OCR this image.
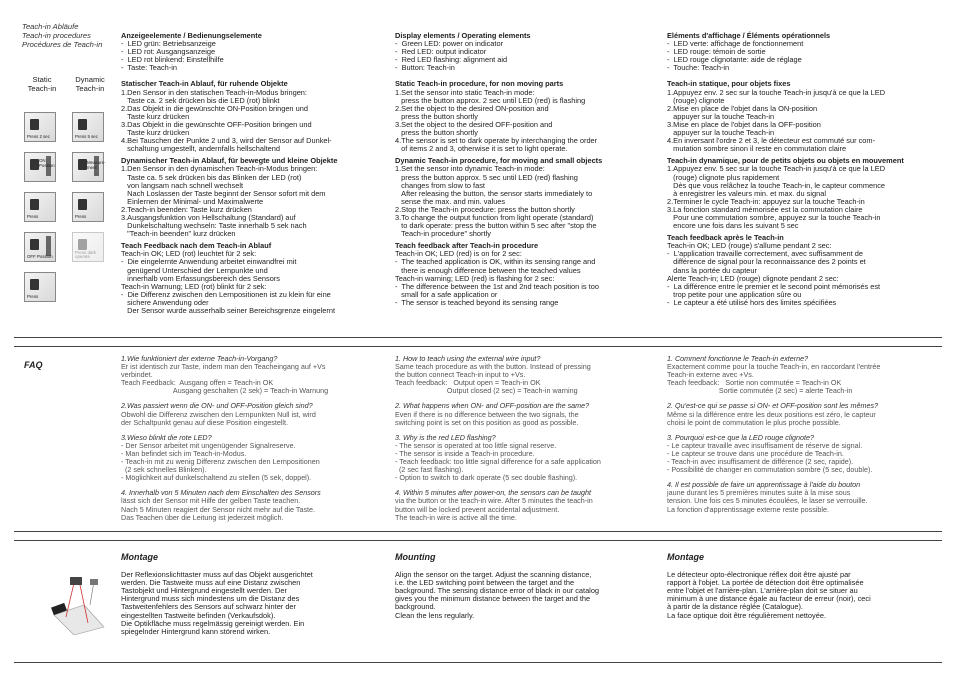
Teach-in Abläufe
Teach-in procedures
Procédures de Teach-in
Static Teach-in
Dynamic Teach-in
Press 2 sec
ON Position
Press
OFF Position
Press
Press 5 sec
Measure-ment
Press
Press dark operate
Anzeigeelemente / Bedienungselemente
-  LED grün: Betriebsanzeige
-  LED rot: Ausgangsanzeige
-  LED rot blinkend: Einstellhilfe
-  Taste: Teach-in
Statischer Teach-in Ablauf, für ruhende Objekte

1.Den Sensor in den statischen Teach-in-Modus bringen:
Taste ca. 2 sek drücken bis die LED (rot) blinkt
2.Das Objekt in die gewünschte ON-Position bringen und
Taste kurz drücken
3.Das Objekt in die gewünschte OFF-Position bringen und
Taste kurz drücken
4.Bei Tauschen der Punkte 2 und 3, wird der Sensor auf Dunkel-
schaltung umgestellt, andernfalls hellschaltend

Dynamischer Teach-in Ablauf, für bewegte und kleine Objekte

1.Den Sensor in den dynamischen Teach-in-Modus bringen:
Taste ca. 5 sek drücken bis das Blinken der LED (rot)
von langsam nach schnell wechselt
Nach Loslassen der Taste beginnt der Sensor sofort mit dem
Einlernen der Minimal- und Maximalwerte
2.Teach-in beenden: Taste kurz drücken
3.Ausgangsfunktion von Hellschaltung (Standard) auf
Dunkelschaltung wechseln: Taste innerhalb 5 sek nach
"Teach-in beenden" kurz drücken

Teach Feedback nach dem Teach-in Ablauf

Teach-in OK; LED (rot) leuchtet für 2 sek:
-  Die eingelernte Anwendung arbeitet einwandfrei mit
genügend Unterschied der Lernpunkte und
innerhalb vom Erfassungsbereich des Sensors
Teach-in Warnung; LED (rot) blinkt für 2 sek:
-  Die Differenz zwischen den Lernpositionen ist zu klein für eine
sichere Anwendung oder
Der Sensor wurde ausserhalb seiner Bereichsgrenze eingelernt

Display elements / Operating elements
-  Green LED: power on indicator
-  Red LED: output indicator
-  Red LED flashing: alignment aid
-  Button: Teach-in
Static Teach-in procedure, for non moving parts

1.Set the sensor into static Teach-in mode:
press the button approx. 2 sec until LED (red) is flashing
2.Set the object to the desired ON-position and
press the button shortly
3.Set the object to the desired OFF-position and
press the button shortly
4.The sensor is set to dark operate by interchanging the order
of items 2 and 3, otherwise it is set to light operate.

Dynamic Teach-in procedure, for moving and small objects

1.Set the sensor into dynamic Teach-in mode:
press the button approx. 5 sec until LED (red) flashing
changes from slow to fast
After releasing the button, the sensor starts immediately to
sense the max. and min. values
2.Stop the Teach-in procedure: press the button shortly
3.To change the output function from light operate (standard)
to dark operate: press the button within 5 sec after "stop the
Teach-in procedure" shortly

Teach feedback after Teach-in procedure

Teach-in OK; LED (red) is on for 2 sec:
-  The teached application is OK, within its sensing range and
there is enough difference between the teached values
Teach-in warning; LED (red) is flashing for 2 sec:
-  The difference between the 1st and 2nd teach position is too
small for a safe application or
-  The sensor is teached beyond its sensing range

Eléments d'affichage / Éléments opérationnels
-  LED verte: affichage de fonctionnement
-  LED rouge: témoin de sortie
-  LED rouge clignotante: aide de réglage
-  Touche: Teach-in
Teach-in statique, pour objets fixes

1.Appuyez env. 2 sec sur la touche Teach-in jusqu'à ce que la LED
(rouge) clignote
2.Mise en place de l'objet dans la ON-position
appuyer sur la touche Teach-in
3.Mise en place de l'objet dans la OFF-position
appuyer sur la touche Teach-in
4.En inversant l'ordre 2 et 3, le détecteur est commuté sur com-
mutation sombre sinon il reste en commutation claire

Teach-in dynamique, pour de petits objets ou objets en mouvement

1.Appuyez env. 5 sec sur la touche Teach-in jusqu'à ce que la LED
(rouge) clignote plus rapidement
Dès que vous relâchez la touche Teach-in, le capteur commence
à enregistrer les valeurs min. et max. du signal
2.Terminer le cycle Teach-in: appuyez sur la touche Teach-in
3.La fonction standard mémorisée est la commutation claire
Pour une commutation sombre, appuyez sur la touche Teach-in
encore une fois dans les suivant 5 sec

Teach feedback après le Teach-in

Teach-in OK; LED (rouge) s'allume pendant 2 sec:
-  L'application travaille correctement, avec suffisamment de
différence de signal pour la reconnaissance des 2 points et
dans la portée du capteur
Alerte Teach-in; LED (rouge) clignote pendant 2 sec:
-  La différence entre le premier et le second point mémorisés est
trop petite pour une application sûre ou
-  Le capteur a été utilisé hors des limites spécifiées

FAQ
1.Wie funktioniert der externe Teach-in-Vorgang?

Er ist identisch zur Taste, indem man den Teacheingang auf +Vs
verbindet.
Teach Feedback:  Ausgang offen = Teach-in OK
Ausgang geschalten (2 sek) = Teach-in Warnung

2.Was passiert wenn die ON- und OFF-Position gleich sind?

Obwohl die Differenz zwischen den Lernpunkten Null ist, wird
der Schaltpunkt genau auf diese Position eingestellt.

3.Wieso blinkt die rote LED?

- Der Sensor arbeitet mit ungenügender Signalreserve.
- Man befindet sich im Teach-in-Modus.
- Teach-in mit zu wenig Differenz zwischen den Lernpositionen
(2 sek schnelles Blinken).
- Möglichkeit auf dunkelschaltend zu stellen (5 sek, doppel).

4. Innerhalb von 5 Minuten nach dem Einschalten des Sensors

lässt sich der Sensor mit Hilfe der gelben Taste teachen.
Nach 5 Minuten reagiert der Sensor nicht mehr auf die Taste.
Das Teachen über die Leitung ist jederzeit möglich.

1. How to teach using the external wire input?

Same teach procedure as with the button. Instead of pressing
the button connect Teach-in input to +Vs.
Teach feedback:   Output open = Teach-in OK
Output closed (2 sec) = Teach-in warning

2. What happens when ON- and OFF-position are the same?

Even if there is no difference between the two signals, the
switching point is set on this position as good as possible.

3. Why is the red LED flashing?

- The sensor is operated at too little signal reserve.
- The sensor is inside a Teach-in procedure.
- Teach feedback: too little signal difference for a safe application
(2 sec fast flashing).
- Option to switch to dark operate (5 sec double flashing).

4. Within 5 minutes after power-on, the sensors can be taught

via the button or the teach-in wire. After 5 minutes the teach-in
button will be locked prevent accidental adjustment.
The teach-in wire is active all the time.

1. Comment fonctionne le Teach-in externe?

Exactement comme pour la touche Teach-in, en raccordant l'entrée
Teach-in externe avec +Vs.
Teach feedback:   Sortie non commutée = Teach-in OK
Sortie commutée (2 sec) = alerte Teach-in

2. Qu'est-ce qui se passe si ON- et OFF-position sont les mêmes?

Même si la différence entre les deux positions est zéro, le capteur
choisi le point de commutation le plus proche possible.

3. Pourquoi est-ce que la LED rouge clignote?

- Le capteur travaille avec insuffisament de réserve de signal.
- Le capteur se trouve dans une procédure de Teach-in.
- Teach-in avec insuffisament de différence (2 sec, rapide).
- Possibilité de changer en commutation sombre (5 sec, double).

4. Il est possible de faire un apprentissage à l'aide du bouton

jaune durant les 5 premières minutes suite à la mise sous
tension. Une fois ces 5 minutes écoulées, le laser se verrouille.
La fonction d'apprentissage externe reste possible.

Montage

Der Reflexionslichttaster muss auf das Objekt ausgerichtet
werden. Die Tastweite muss auf eine Distanz zwischen
Tastobjekt und Hintergrund eingestellt werden. Der
Hintergrund muss sich mindestens um die Distanz des
Tastweitenfehlers des Sensors auf schwarz hinter der
eingestellten Tastweite befinden (Verkaufsdok).
Die Optikfläche muss regelmässig gereinigt werden. Ein
spiegelnder Hintergrund kann störend wirken.

Mounting

Align the sensor on the target. Adjust the scanning distance,
i.e. the LED switching point between the target and the
background. The sensing distance error of black in our catalog
gives you the minimum distance between the target and the
background.
Clean the lens regularly.

Montage

Le détecteur opto-électronique réflex doit être ajusté par
rapport à l'objet. La portée de détection doit être optimalisée
entre l'objet et l'arrière-plan. L'arrière-plan doit se situer au
minimum à une distance égale au facteur de erreur (noir), ceci
à partir de la distance réglée (Catalogue).
La face optique doit être régulièrement nettoyée.
